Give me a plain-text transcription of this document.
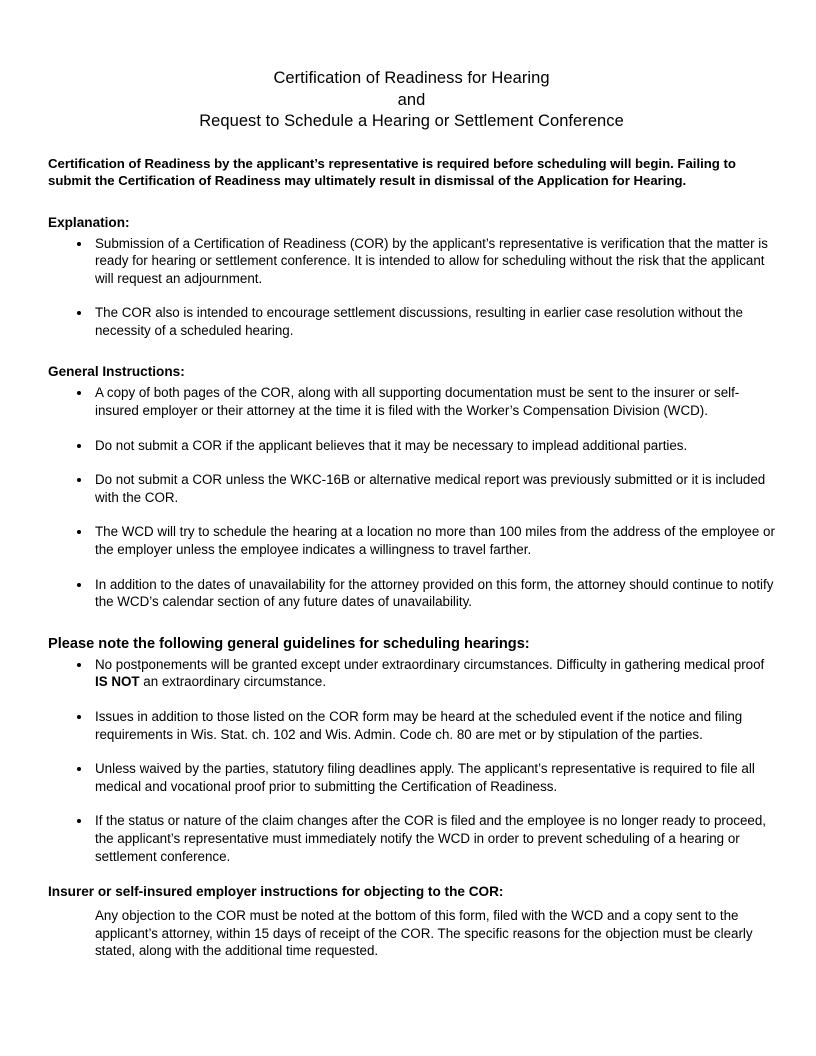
Certification of Readiness for Hearing
and
Request to Schedule a Hearing or Settlement Conference

Certification of Readiness by the applicant’s representative is required before scheduling will begin. Failing to submit the Certification of Readiness may ultimately result in dismissal of the Application for Hearing.

Explanation:
Submission of a Certification of Readiness (COR) by the applicant’s representative is verification that the matter is ready for hearing or settlement conference. It is intended to allow for scheduling without the risk that the applicant will request an adjournment.
The COR also is intended to encourage settlement discussions, resulting in earlier case resolution without the necessity of a scheduled hearing.
General Instructions:
A copy of both pages of the COR, along with all supporting documentation must be sent to the insurer or self-insured employer or their attorney at the time it is filed with the Worker’s Compensation Division (WCD).
Do not submit a COR if the applicant believes that it may be necessary to implead additional parties.
Do not submit a COR unless the WKC-16B or alternative medical report was previously submitted or it is included with the COR.
The WCD will try to schedule the hearing at a location no more than 100 miles from the address of the employee or the employer unless the employee indicates a willingness to travel farther.
In addition to the dates of unavailability for the attorney provided on this form, the attorney should continue to notify the WCD’s calendar section of any future dates of unavailability.
Please note the following general guidelines for scheduling hearings:
No postponements will be granted except under extraordinary circumstances. Difficulty in gathering medical proof IS NOT an extraordinary circumstance.
Issues in addition to those listed on the COR form may be heard at the scheduled event if the notice and filing requirements in Wis. Stat. ch. 102 and Wis. Admin. Code ch. 80 are met or by stipulation of the parties.
Unless waived by the parties, statutory filing deadlines apply. The applicant’s representative is required to file all medical and vocational proof prior to submitting the Certification of Readiness.
If the status or nature of the claim changes after the COR is filed and the employee is no longer ready to proceed, the applicant’s representative must immediately notify the WCD in order to prevent scheduling of a hearing or settlement conference.
Insurer or self-insured employer instructions for objecting to the COR:

Any objection to the COR must be noted at the bottom of this form, filed with the WCD and a copy sent to the applicant’s attorney, within 15 days of receipt of the COR. The specific reasons for the objection must be clearly stated, along with the additional time requested.
